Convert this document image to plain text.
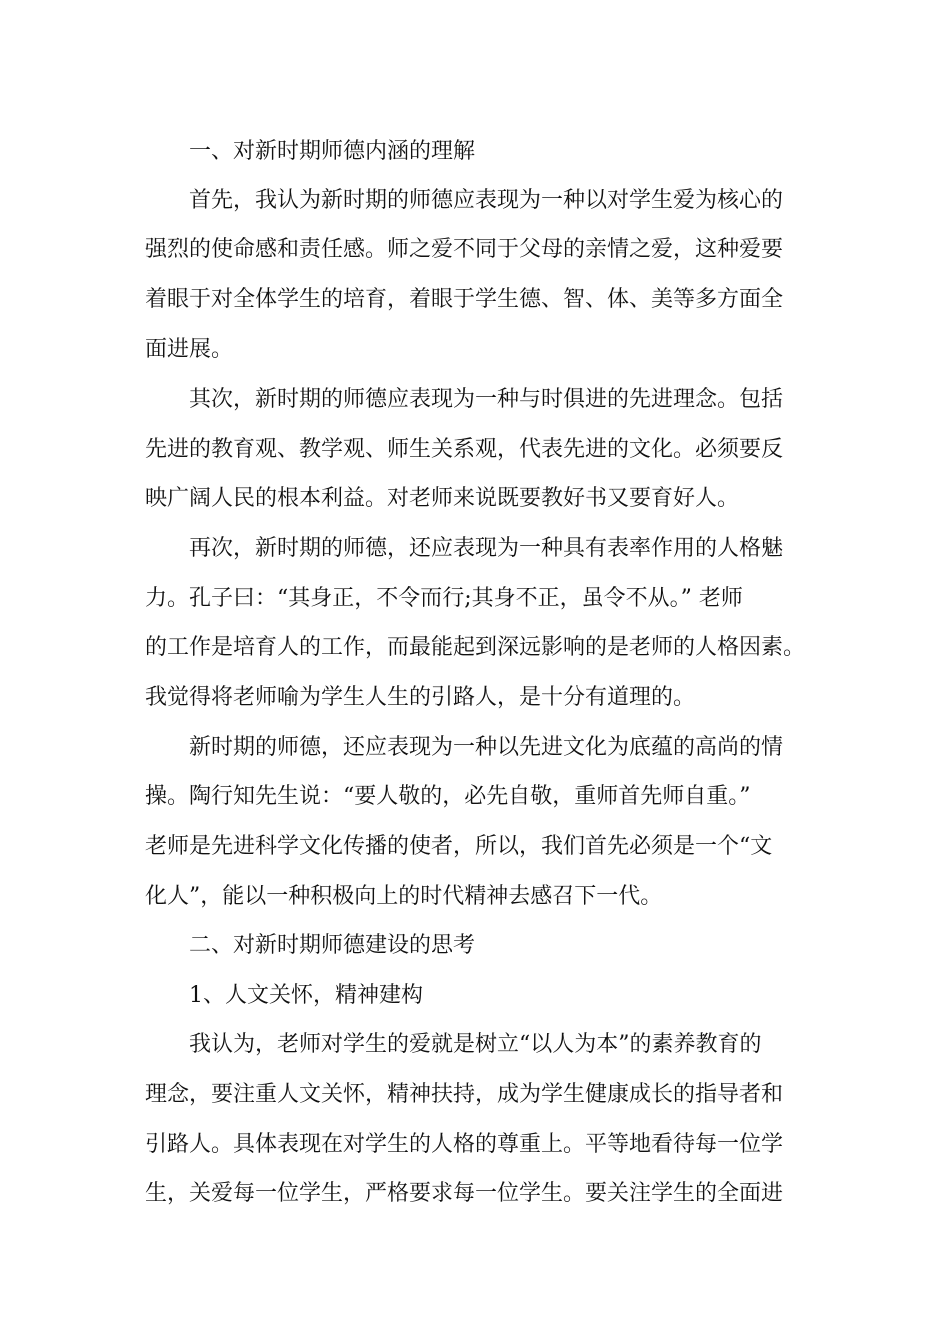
一、对新时期师德内涵的理解
首先，我认为新时期的师德应表现为一种以对学生爱为核心的
强烈的使命感和责任感。师之爱不同于父母的亲情之爱，这种爱要
着眼于对全体学生的培育，着眼于学生德、智、体、美等多方面全
面进展。
其次，新时期的师德应表现为一种与时俱进的先进理念。包括
先进的教育观、教学观、师生关系观，代表先进的文化。必须要反
映广阔人民的根本利益。对老师来说既要教好书又要育好人。
再次，新时期的师德，还应表现为一种具有表率作用的人格魅
力。孔子曰：“其身正，不令而行;其身不正，虽令不从。” 老师
的工作是培育人的工作，而最能起到深远影响的是老师的人格因素。
我觉得将老师喻为学生人生的引路人，是十分有道理的。
新时期的师德，还应表现为一种以先进文化为底蕴的高尚的情
操。陶行知先生说：“要人敬的，必先自敬，重师首先师自重。”
老师是先进科学文化传播的使者，所以，我们首先必须是一个“文
化人”，能以一种积极向上的时代精神去感召下一代。
二、对新时期师德建设的思考
1、人文关怀，精神建构
我认为，老师对学生的爱就是树立“以人为本”的素养教育的
理念，要注重人文关怀，精神扶持，成为学生健康成长的指导者和
引路人。具体表现在对学生的人格的尊重上。平等地看待每一位学
生，关爱每一位学生，严格要求每一位学生。要关注学生的全面进
